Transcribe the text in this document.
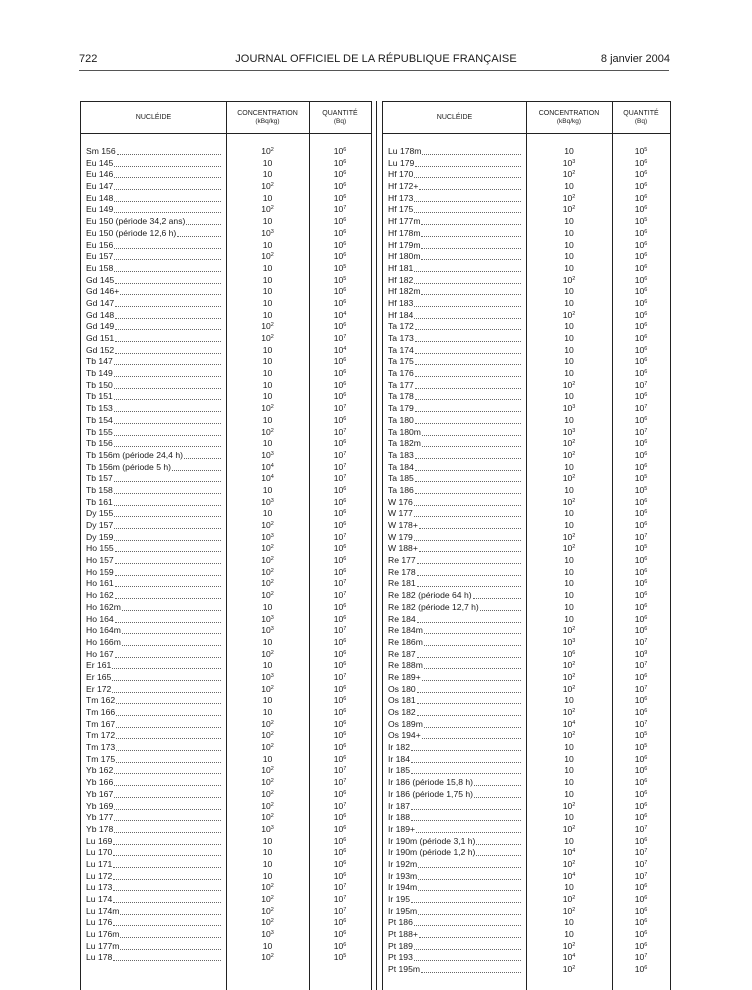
722	JOURNAL OFFICIEL DE LA RÉPUBLIQUE FRANÇAISE	8 janvier 2004
NUCLÉIDE
CONCENTRATION
(kBq/kg)
QUANTITÉ
(Bq)
Sm 156	$10^2$	$10^6$
Eu 145	10	$10^6$
Eu 146	10	$10^6$
Eu 147	$10^2$	$10^6$
Eu 148	10	$10^6$
Eu 149	$10^2$	$10^7$
Eu 150 (période 34,2 ans)	10	$10^6$
Eu 150 (période 12,6 h)	$10^3$	$10^6$
Eu 156	10	$10^6$
Eu 157	$10^2$	$10^6$
Eu 158	10	$10^5$
Gd 145	10	$10^5$
Gd 146+	10	$10^6$
Gd 147	10	$10^6$
Gd 148	10	$10^4$
Gd 149	$10^2$	$10^6$
Gd 151	$10^2$	$10^7$
Gd 152	10	$10^4$
Tb 147	10	$10^6$
Tb 149	10	$10^6$
Tb 150	10	$10^6$
Tb 151	10	$10^6$
Tb 153	$10^2$	$10^7$
Tb 154	10	$10^6$
Tb 155	$10^2$	$10^7$
Tb 156	10	$10^6$
Tb 156m (période 24,4 h)	$10^3$	$10^7$
Tb 156m (période 5 h)	$10^4$	$10^7$
Tb 157	$10^4$	$10^7$
Tb 158	10	$10^6$
Tb 161	$10^3$	$10^6$
Dy 155	10	$10^6$
Dy 157	$10^2$	$10^6$
Dy 159	$10^3$	$10^7$
Ho 155	$10^2$	$10^6$
Ho 157	$10^2$	$10^6$
Ho 159	$10^2$	$10^6$
Ho 161	$10^2$	$10^7$
Ho 162	$10^2$	$10^7$
Ho 162m	10	$10^6$
Ho 164	$10^3$	$10^6$
Ho 164m	$10^3$	$10^7$
Ho 166m	10	$10^6$
Ho 167	$10^2$	$10^6$
Er 161	10	$10^6$
Er 165	$10^3$	$10^7$
Er 172	$10^2$	$10^6$
Tm 162	10	$10^6$
Tm 166	10	$10^6$
Tm 167	$10^2$	$10^6$
Tm 172	$10^2$	$10^6$
Tm 173	$10^2$	$10^6$
Tm 175	10	$10^6$
Yb 162	$10^2$	$10^7$
Yb 166	$10^2$	$10^7$
Yb 167	$10^2$	$10^6$
Yb 169	$10^2$	$10^7$
Yb 177	$10^2$	$10^6$
Yb 178	$10^3$	$10^6$
Lu 169	10	$10^6$
Lu 170	10	$10^6$
Lu 171	10	$10^6$
Lu 172	10	$10^6$
Lu 173	$10^2$	$10^7$
Lu 174	$10^2$	$10^7$
Lu 174m	$10^2$	$10^7$
Lu 176	$10^2$	$10^6$
Lu 176m	$10^3$	$10^6$
Lu 177m	10	$10^6$
Lu 178	$10^2$	$10^5$
NUCLÉIDE
CONCENTRATION
(kBq/kg)
QUANTITÉ
(Bq)
Lu 178m	10	$10^5$
Lu 179	$10^3$	$10^6$
Hf 170	$10^2$	$10^6$
Hf 172+	10	$10^6$
Hf 173	$10^2$	$10^6$
Hf 175	$10^2$	$10^6$
Hf 177m	10	$10^5$
Hf 178m	10	$10^6$
Hf 179m	10	$10^6$
Hf 180m	10	$10^6$
Hf 181	10	$10^6$
Hf 182	$10^2$	$10^6$
Hf 182m	10	$10^6$
Hf 183	10	$10^6$
Hf 184	$10^2$	$10^6$
Ta 172	10	$10^6$
Ta 173	10	$10^6$
Ta 174	10	$10^6$
Ta 175	10	$10^6$
Ta 176	10	$10^6$
Ta 177	$10^2$	$10^7$
Ta 178	10	$10^6$
Ta 179	$10^3$	$10^7$
Ta 180	10	$10^6$
Ta 180m	$10^3$	$10^7$
Ta 182m	$10^2$	$10^6$
Ta 183	$10^2$	$10^6$
Ta 184	10	$10^6$
Ta 185	$10^2$	$10^5$
Ta 186	10	$10^5$
W 176	$10^2$	$10^6$
W 177	10	$10^6$
W 178+	10	$10^6$
W 179	$10^2$	$10^7$
W 188+	$10^2$	$10^5$
Re 177	10	$10^6$
Re 178	10	$10^6$
Re 181	10	$10^6$
Re 182 (période 64 h)	10	$10^6$
Re 182 (période 12,7 h)	10	$10^6$
Re 184	10	$10^6$
Re 184m	$10^2$	$10^6$
Re 186m	$10^3$	$10^7$
Re 187	$10^6$	$10^9$
Re 188m	$10^2$	$10^7$
Re 189+	$10^2$	$10^6$
Os 180	$10^2$	$10^7$
Os 181	10	$10^6$
Os 182	$10^2$	$10^6$
Os 189m	$10^4$	$10^7$
Os 194+	$10^2$	$10^5$
Ir 182	10	$10^5$
Ir 184	10	$10^6$
Ir 185	10	$10^6$
Ir 186 (période 15,8 h)	10	$10^6$
Ir 186 (période 1,75 h)	10	$10^6$
Ir 187	$10^2$	$10^6$
Ir 188	10	$10^6$
Ir 189+	$10^2$	$10^7$
Ir 190m (période 3,1 h)	10	$10^6$
Ir 190m (période 1,2 h)	$10^4$	$10^7$
Ir 192m	$10^2$	$10^7$
Ir 193m	$10^4$	$10^7$
Ir 194m	10	$10^6$
Ir 195	$10^2$	$10^6$
Ir 195m	$10^2$	$10^6$
Pt 186	10	$10^6$
Pt 188+	10	$10^6$
Pt 189	$10^2$	$10^6$
Pt 193	$10^4$	$10^7$
Pt 195m	$10^2$	$10^6$
